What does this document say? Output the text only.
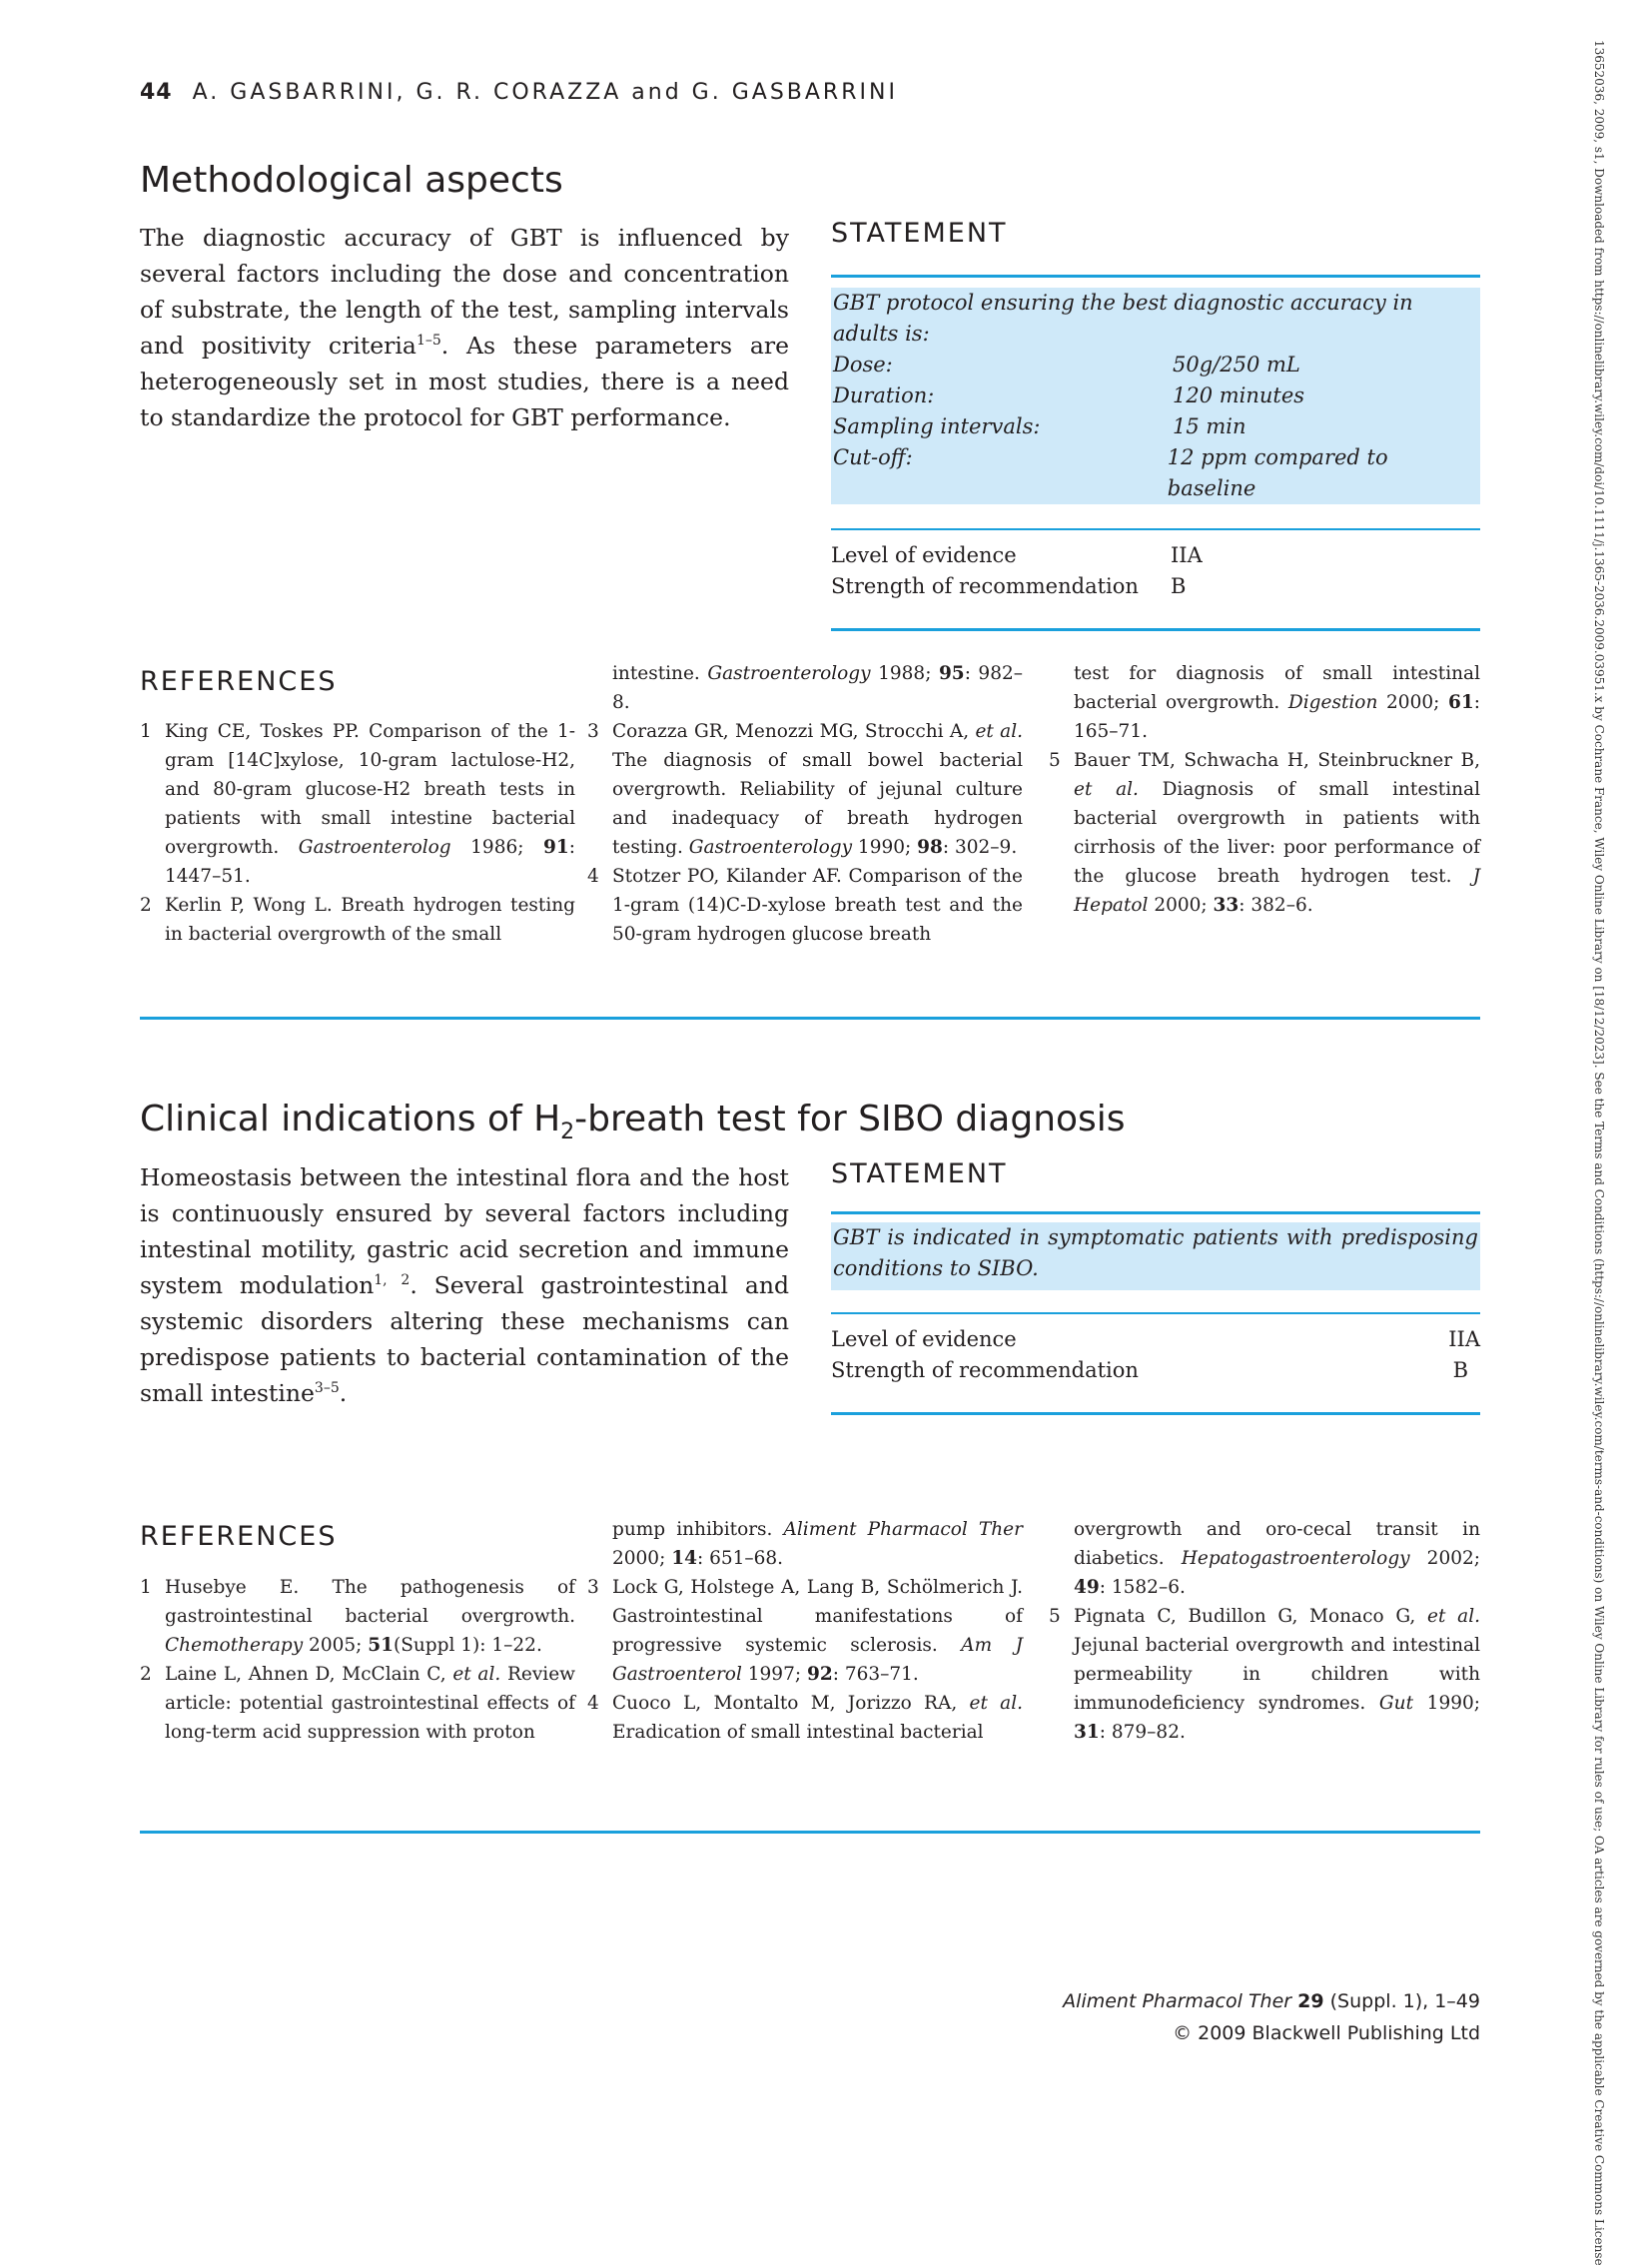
44 A. GASBARRINI, G. R. CORAZZA and G. GASBARRINI
Methodological aspects

The diagnostic accuracy of GBT is influenced by several factors including the dose and concentration of substrate, the length of the test, sampling intervals and positivity criteria$^{1-5}$. As these parameters are heterogeneously set in most studies, there is a need to standardize the protocol for GBT performance.

STATEMENT

GBT protocol ensuring the best diagnostic accuracy in adults is:

Dose:	50g/250 mL
Duration:	120 minutes
Sampling intervals:	15 min
Cut-off:	12 ppm compared to baseline
Level of evidence	IIA
Strength of recommendation	B
REFERENCES
1 King CE, Toskes PP. Comparison of the 1-gram [14C]xylose, 10-gram lactulose-H2, and 80-gram glucose-H2 breath tests in patients with small intestine bacterial overgrowth. Gastroenterolog 1986; 91: 1447–51.
2 Kerlin P, Wong L. Breath hydrogen testing in bacterial overgrowth of the small
intestine. Gastroenterology 1988; 95: 982–8.
3 Corazza GR, Menozzi MG, Strocchi A, et al. The diagnosis of small bowel bacterial overgrowth. Reliability of jejunal culture and inadequacy of breath hydrogen testing. Gastroenterology 1990; 98: 302–9.
4 Stotzer PO, Kilander AF. Comparison of the 1-gram (14)C-D-xylose breath test and the 50-gram hydrogen glucose breath
test for diagnosis of small intestinal bacterial overgrowth. Digestion 2000; 61: 165–71.
5 Bauer TM, Schwacha H, Steinbruckner B, et al. Diagnosis of small intestinal bacterial overgrowth in patients with cirrhosis of the liver: poor performance of the glucose breath hydrogen test. J Hepatol 2000; 33: 382–6.
Clinical indications of $H_2$-breath test for SIBO diagnosis

Homeostasis between the intestinal flora and the host is continuously ensured by several factors including intestinal motility, gastric acid secretion and immune system modulation$^{1, 2}$. Several gastrointestinal and systemic disorders altering these mechanisms can predispose patients to bacterial contamination of the small intestine$^{3-5}$.

STATEMENT

GBT is indicated in symptomatic patients with predisposing conditions to SIBO.

Level of evidence	IIA
Strength of recommendation	B
REFERENCES
1 Husebye E. The pathogenesis of gastrointestinal bacterial overgrowth. Chemotherapy 2005; 51(Suppl 1): 1–22.
2 Laine L, Ahnen D, McClain C, et al. Review article: potential gastrointestinal effects of long-term acid suppression with proton
pump inhibitors. Aliment Pharmacol Ther 2000; 14: 651–68.
3 Lock G, Holstege A, Lang B, Schölmerich J. Gastrointestinal manifestations of progressive systemic sclerosis. Am J Gastroenterol 1997; 92: 763–71.
4 Cuoco L, Montalto M, Jorizzo RA, et al. Eradication of small intestinal bacterial
overgrowth and oro-cecal transit in diabetics. Hepatogastroenterology 2002; 49: 1582–6.
5 Pignata C, Budillon G, Monaco G, et al. Jejunal bacterial overgrowth and intestinal permeability in children with immunodeficiency syndromes. Gut 1990; 31: 879–82.
Aliment Pharmacol Ther 29 (Suppl. 1), 1–49
© 2009 Blackwell Publishing Ltd	13652036, 2009, s1, Downloaded from https://onlinelibrary.wiley.com/doi/10.1111/j.1365-2036.2009.03951.x by Cochrane France, Wiley Online Library on [18/12/2023]. See the Terms and Conditions (https://onlinelibrary.wiley.com/terms-and-conditions) on Wiley Online Library for rules of use; OA articles are governed by the applicable Creative Commons License
